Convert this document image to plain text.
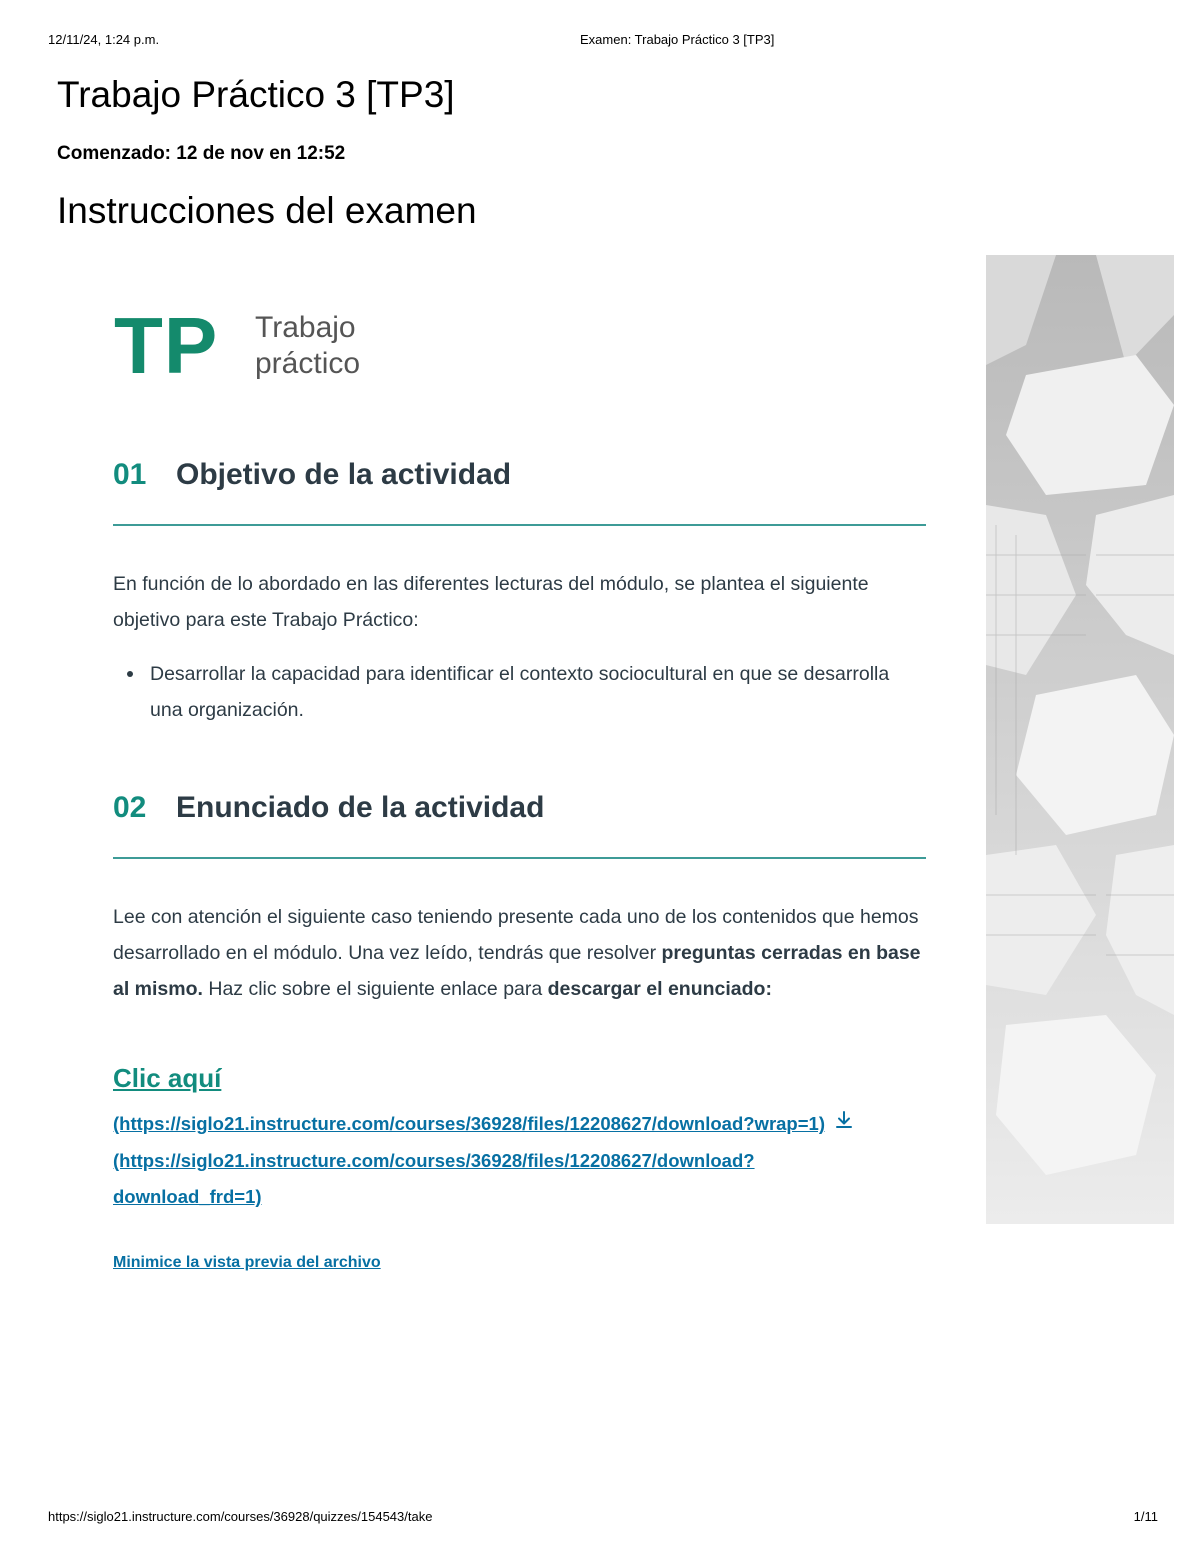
12/11/24, 1:24 p.m.	Examen: Trabajo Práctico 3 [TP3]
Trabajo Práctico 3 [TP3]
Comenzado: 12 de nov en 12:52
Instrucciones del examen
TP Trabajo
práctico
01 Objetivo de la actividad

En función de lo abordado en las diferentes lecturas del módulo, se plantea el siguiente objetivo para este Trabajo Práctico:

Desarrollar la capacidad para identificar el contexto sociocultural en que se desarrolla una organización.
02 Enunciado de la actividad

Lee con atención el siguiente caso teniendo presente cada uno de los contenidos que hemos desarrollado en el módulo. Una vez leído, tendrás que resolver preguntas cerradas en base al mismo. Haz clic sobre el siguiente enlace para descargar el enunciado:

Clic aquí
(https://siglo21.instructure.com/courses/36928/files/12208627/download?wrap=1)
(https://siglo21.instructure.com/courses/36928/files/12208627/download?download_frd=1)
Minimice la vista previa del archivo
https://siglo21.instructure.com/courses/36928/quizzes/154543/take	1/11
